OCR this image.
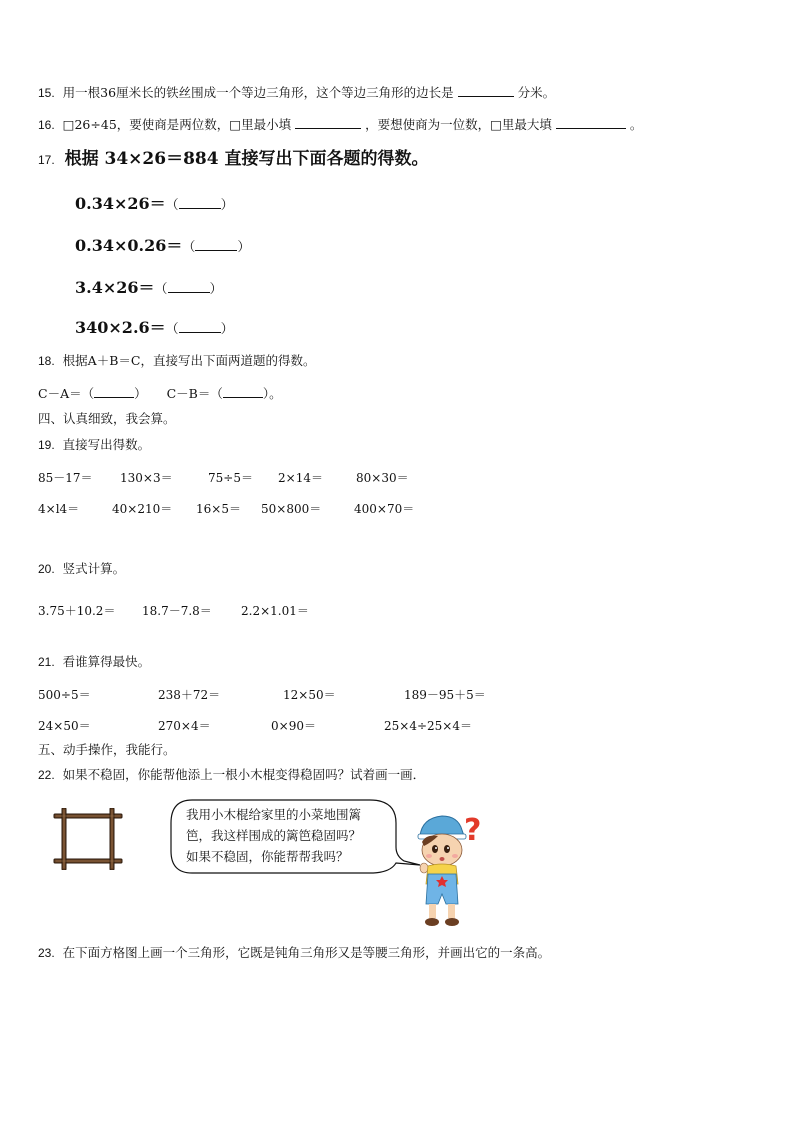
15. 用一根36厘米长的铁丝围成一个等边三角形，这个等边三角形的边长是	分米。
16. □26÷45，要使商是两位数，□里最小填	，要想使商为一位数，□里最大填	。
17. 根据 34×26＝884 直接写出下面各题的得数。
0.34×26＝（	）
0.34×0.26＝（	）
3.4×26＝（	）
340×2.6＝（	）
18. 根据A＋B＝C，直接写出下面两道题的得数。
C－A＝（	） C－B＝（	）。
四、认真细致，我会算。
19. 直接写出得数。
85－17＝ 130×3＝	75÷5＝ 2×14＝	80×30＝
4×l4＝	40×210＝ 16×5＝ 50×800＝	400×70＝
20. 竖式计算。
3.75＋10.2＝ 18.7－7.8＝ 2.2×1.01＝
21. 看谁算得最快。
500÷5＝	238＋72＝	12×50＝	189－95＋5＝
24×50＝	270×4＝	0×90＝	25×4÷25×4＝
五、动手操作，我能行。
22. 如果不稳固，你能帮他添上一根小木棍变得稳固吗？试着画一画．
我用小木棍给家里的小菜地围篱
笆，我这样围成的篱笆稳固吗？
如果不稳固，你能帮帮我吗？
?
23. 在下面方格图上画一个三角形，它既是钝角三角形又是等腰三角形，并画出它的一条高。
